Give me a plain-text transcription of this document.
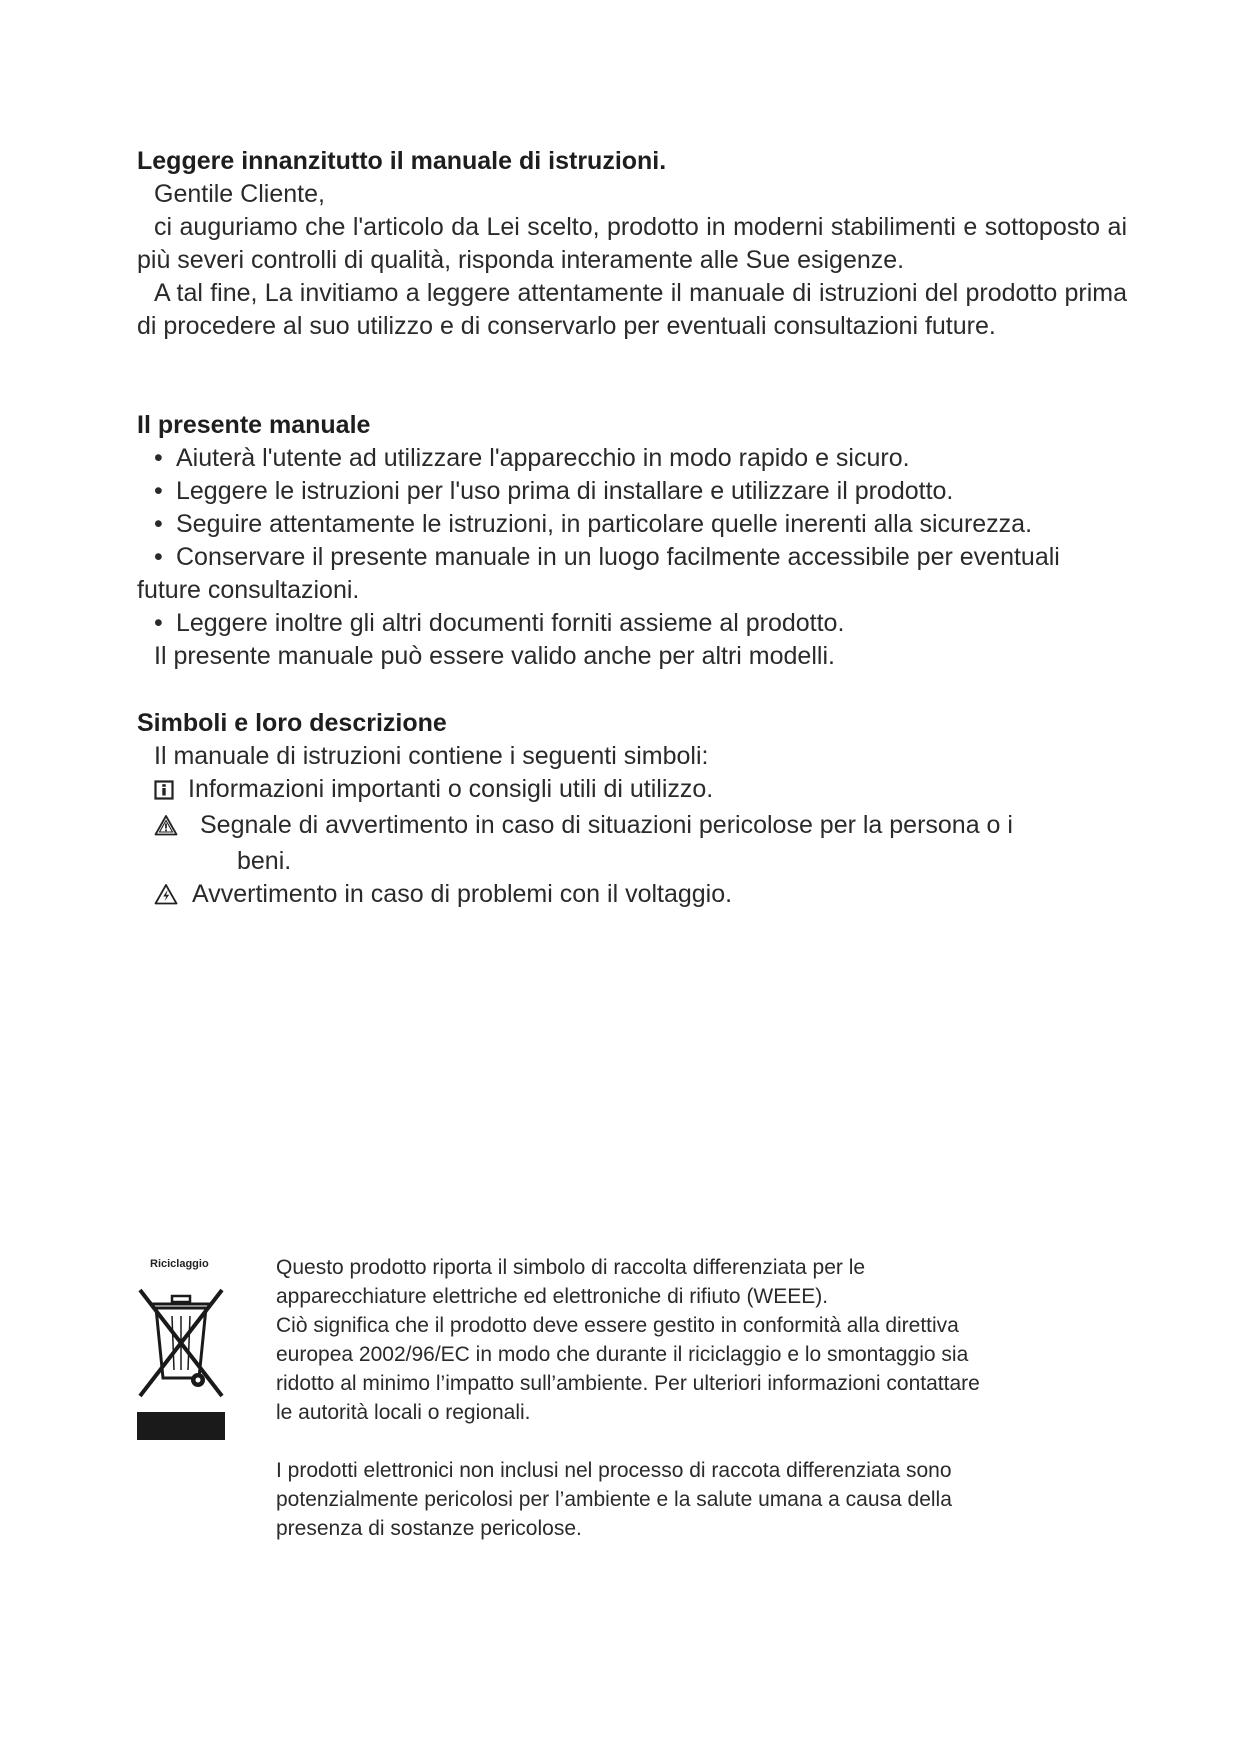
Leggere innanzitutto il manuale di istruzioni.

Gentile Cliente,

ci auguriamo che l'articolo da Lei scelto, prodotto in moderni stabilimenti e sottoposto ai più severi controlli di qualità, risponda interamente alle Sue esigenze.

A tal fine, La invitiamo a leggere attentamente il manuale di istruzioni del prodotto prima di procedere al suo utilizzo e di conservarlo per eventuali consultazioni future.

Il presente manuale

• Aiuterà l'utente ad utilizzare l'apparecchio in modo rapido e sicuro.

• Leggere le istruzioni per l'uso prima di installare e utilizzare il prodotto.

• Seguire attentamente le istruzioni, in particolare quelle inerenti alla sicurezza.

• Conservare il presente manuale in un luogo facilmente accessibile per eventuali future consultazioni.

• Leggere inoltre gli altri documenti forniti assieme al prodotto.

Il presente manuale può essere valido anche per altri modelli.

Simboli e loro descrizione

Il manuale di istruzioni contiene i seguenti simboli:

Informazioni importanti o consigli utili di utilizzo.

Segnale di avvertimento in caso di situazioni pericolose per la persona o i

beni.

Avvertimento in caso di problemi con il voltaggio.

Riciclaggio	Questo prodotto riporta il simbolo di raccolta differenziata per le

apparecchiature elettriche ed elettroniche di rifiuto (WEEE).

Ciò significa che il prodotto deve essere gestito in conformità alla direttiva

europea 2002/96/EC in modo che durante il riciclaggio e lo smontaggio sia

ridotto al minimo l’impatto sull’ambiente. Per ulteriori informazioni contattare

le autorità locali o regionali.

I prodotti elettronici non inclusi nel processo di raccota differenziata sono

potenzialmente pericolosi per l’ambiente e la salute umana a causa della

presenza di sostanze pericolose.
